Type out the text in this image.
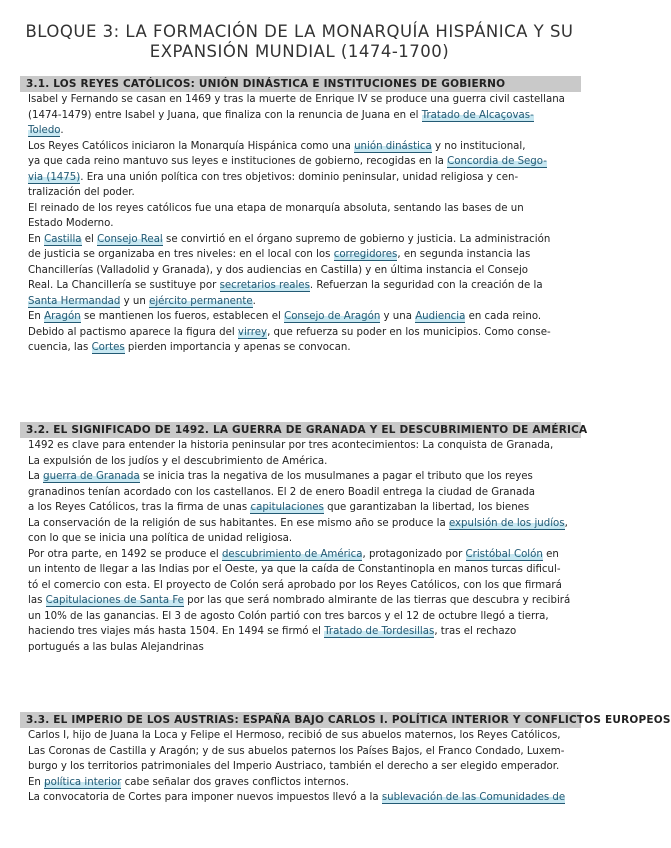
BLOQUE 3: LA FORMACIÓN DE LA MONARQUÍA HISPÁNICA Y SU
EXPANSIÓN MUNDIAL (1474-1700)
3.1. LOS REYES CATÓLICOS: UNIÓN DINÁSTICA E INSTITUCIONES DE GOBIERNO
Isabel y Fernando se casan en 1469 y tras la muerte de Enrique IV se produce una guerra civil castellana
(1474-1479) entre Isabel y Juana, que finaliza con la renuncia de Juana en el Tratado de Alcaçovas-
Toledo.
Los Reyes Católicos iniciaron la Monarquía Hispánica como una unión dinástica y no institucional,
ya que cada reino mantuvo sus leyes e instituciones de gobierno, recogidas en la Concordia de Sego-
via (1475). Era una unión política con tres objetivos: dominio peninsular, unidad religiosa y cen-
tralización del poder.
El reinado de los reyes católicos fue una etapa de monarquía absoluta, sentando las bases de un
Estado Moderno.
En Castilla el Consejo Real se convirtió en el órgano supremo de gobierno y justicia. La administración
de justicia se organizaba en tres niveles: en el local con los corregidores, en segunda instancia las
Chancillerías (Valladolid y Granada), y dos audiencias en Castilla) y en última instancia el Consejo
Real. La Chancillería se sustituye por secretarios reales. Refuerzan la seguridad con la creación de la
Santa Hermandad y un ejército permanente.
En Aragón se mantienen los fueros, establecen el Consejo de Aragón y una Audiencia en cada reino.
Debido al pactismo aparece la figura del virrey, que refuerza su poder en los municipios. Como conse-
cuencia, las Cortes pierden importancia y apenas se convocan.
3.2. EL SIGNIFICADO DE 1492. LA GUERRA DE GRANADA Y EL DESCUBRIMIENTO DE AMÉRICA
1492 es clave para entender la historia peninsular por tres acontecimientos: La conquista de Granada,
La expulsión de los judíos y el descubrimiento de América.
La guerra de Granada se inicia tras la negativa de los musulmanes a pagar el tributo que los reyes
granadinos tenían acordado con los castellanos. El 2 de enero Boadil entrega la ciudad de Granada
a los Reyes Católicos, tras la firma de unas capitulaciones que garantizaban la libertad, los bienes
La conservación de la religión de sus habitantes. En ese mismo año se produce la expulsión de los judíos,
con lo que se inicia una política de unidad religiosa.
Por otra parte, en 1492 se produce el descubrimiento de América, protagonizado por Cristóbal Colón en
un intento de llegar a las Indias por el Oeste, ya que la caída de Constantinopla en manos turcas dificul-
tó el comercio con esta. El proyecto de Colón será aprobado por los Reyes Católicos, con los que firmará
las Capitulaciones de Santa Fe por las que será nombrado almirante de las tierras que descubra y recibirá
un 10% de las ganancias. El 3 de agosto Colón partió con tres barcos y el 12 de octubre llegó a tierra,
haciendo tres viajes más hasta 1504. En 1494 se firmó el Tratado de Tordesillas, tras el rechazo
portugués a las bulas Alejandrinas
3.3. EL IMPERIO DE LOS AUSTRIAS: ESPAÑA BAJO CARLOS I. POLÍTICA INTERIOR Y CONFLICTOS EUROPEOS
Carlos I, hijo de Juana la Loca y Felipe el Hermoso, recibió de sus abuelos maternos, los Reyes Católicos,
Las Coronas de Castilla y Aragón; y de sus abuelos paternos los Países Bajos, el Franco Condado, Luxem-
burgo y los territorios patrimoniales del Imperio Austriaco, también el derecho a ser elegido emperador.
En política interior cabe señalar dos graves conflictos internos.
La convocatoria de Cortes para imponer nuevos impuestos llevó a la sublevación de las Comunidades de
